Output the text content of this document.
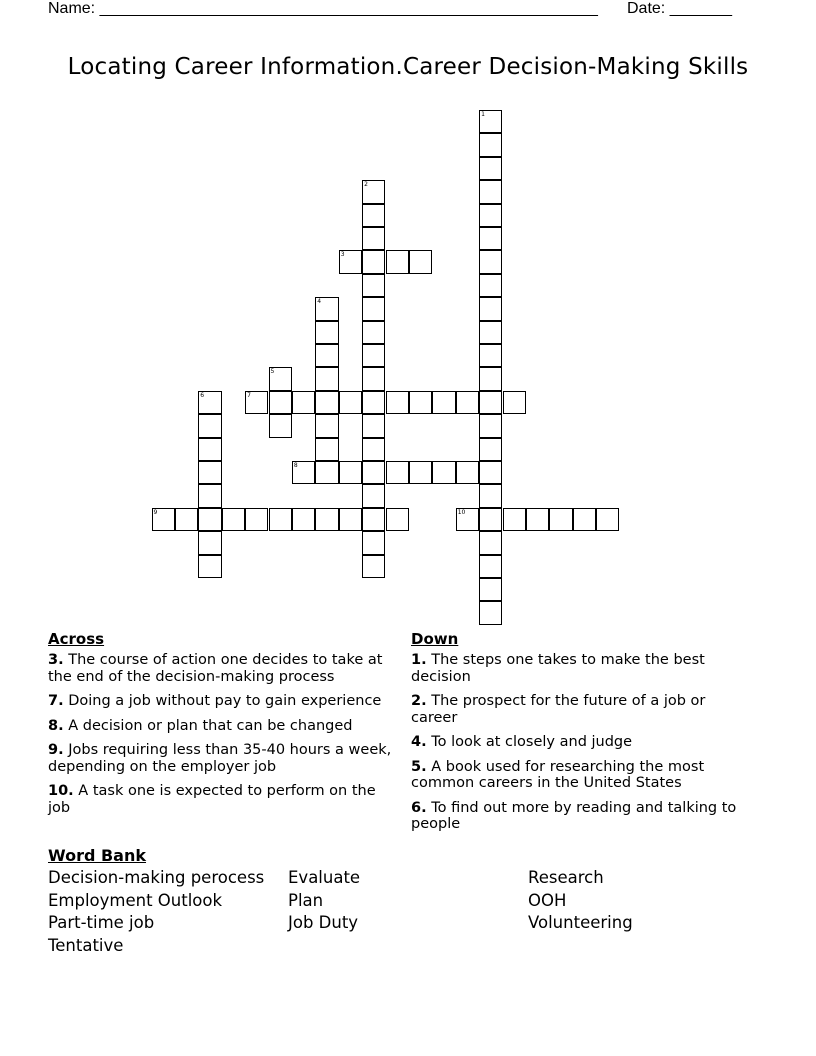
Name: ________________________________________________________ Date: _______
Locating Career Information.Career Decision-Making Skills
1
2
3
4
5
6	7
8
9	10
Across
3. The course of action one decides to take at the end of the decision-making process
7. Doing a job without pay to gain experience
8. A decision or plan that can be changed
9. Jobs requiring less than 35-40 hours a week, depending on the employer job
10. A task one is expected to perform on the job
Down
1. The steps one takes to make the best decision
2. The prospect for the future of a job or career
4. To look at closely and judge
5. A book used for researching the most common careers in the United States
6. To find out more by reading and talking to people
Word Bank
Decision-making perocess
Employment Outlook
Part-time job
Tentative
Evaluate
Plan
Job Duty
Research
OOH
Volunteering
